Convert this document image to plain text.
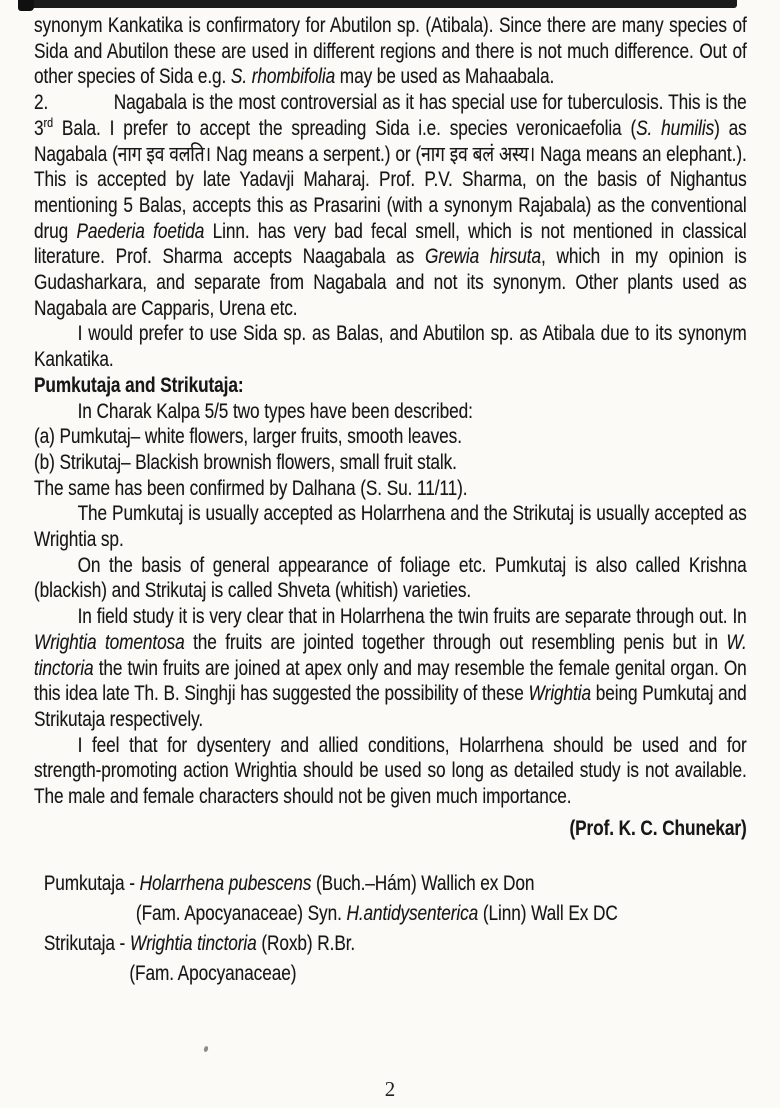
synonym Kankatika is confirmatory for Abutilon sp. (Atibala). Since there are many species of Sida and Abutilon these are used in different regions and there is not much difference. Out of other species of Sida e.g. S. rhombifolia may be used as Mahaabala.

2.	Nagabala is the most controversial as it has special use for tuberculosis. This is the 3rd Bala. I prefer to accept the spreading Sida i.e. species veronicaefolia (S. humilis) as Nagabala (नाग इव वलति। Nag means a serpent.) or (नाग इव बलं अस्य। Naga means an elephant.). This is accepted by late Yadavji Maharaj. Prof. P.V. Sharma, on the basis of Nighantus mentioning 5 Balas, accepts this as Prasarini (with a synonym Rajabala) as the conventional drug Paederia foetida Linn. has very bad fecal smell, which is not mentioned in classical literature. Prof. Sharma accepts Naagabala as Grewia hirsuta, which in my opinion is Gudasharkara, and separate from Nagabala and not its synonym. Other plants used as Nagabala are Capparis, Urena etc.

I would prefer to use Sida sp. as Balas, and Abutilon sp. as Atibala due to its synonym Kankatika.

Pumkutaja and Strikutaja:

In Charak Kalpa 5/5 two types have been described:

(a) Pumkutaj– white flowers, larger fruits, smooth leaves.

(b) Strikutaj– Blackish brownish flowers, small fruit stalk.

The same has been confirmed by Dalhana (S. Su. 11/11).

The Pumkutaj is usually accepted as Holarrhena and the Strikutaj is usually accepted as Wrightia sp.

On the basis of general appearance of foliage etc. Pumkutaj is also called Krishna (blackish) and Strikutaj is called Shveta (whitish) varieties.

In field study it is very clear that in Holarrhena the twin fruits are separate through out. In Wrightia tomentosa the fruits are jointed together through out resembling penis but in W. tinctoria the twin fruits are joined at apex only and may resemble the female genital organ. On this idea late Th. B. Singhji has suggested the possibility of these Wrightia being Pumkutaj and Strikutaja respectively.

I feel that for dysentery and allied conditions, Holarrhena should be used and for strength-promoting action Wrightia should be used so long as detailed study is not available. The male and female characters should not be given much importance.

(Prof. K. C. Chunekar)

Pumkutaja - Holarrhena pubescens (Buch.–Hám) Wallich ex Don

(Fam. Apocyanaceae) Syn. H.antidysenterica (Linn) Wall Ex DC

Strikutaja - Wrightia tinctoria (Roxb) R.Br.

(Fam. Apocyanaceae)

2
